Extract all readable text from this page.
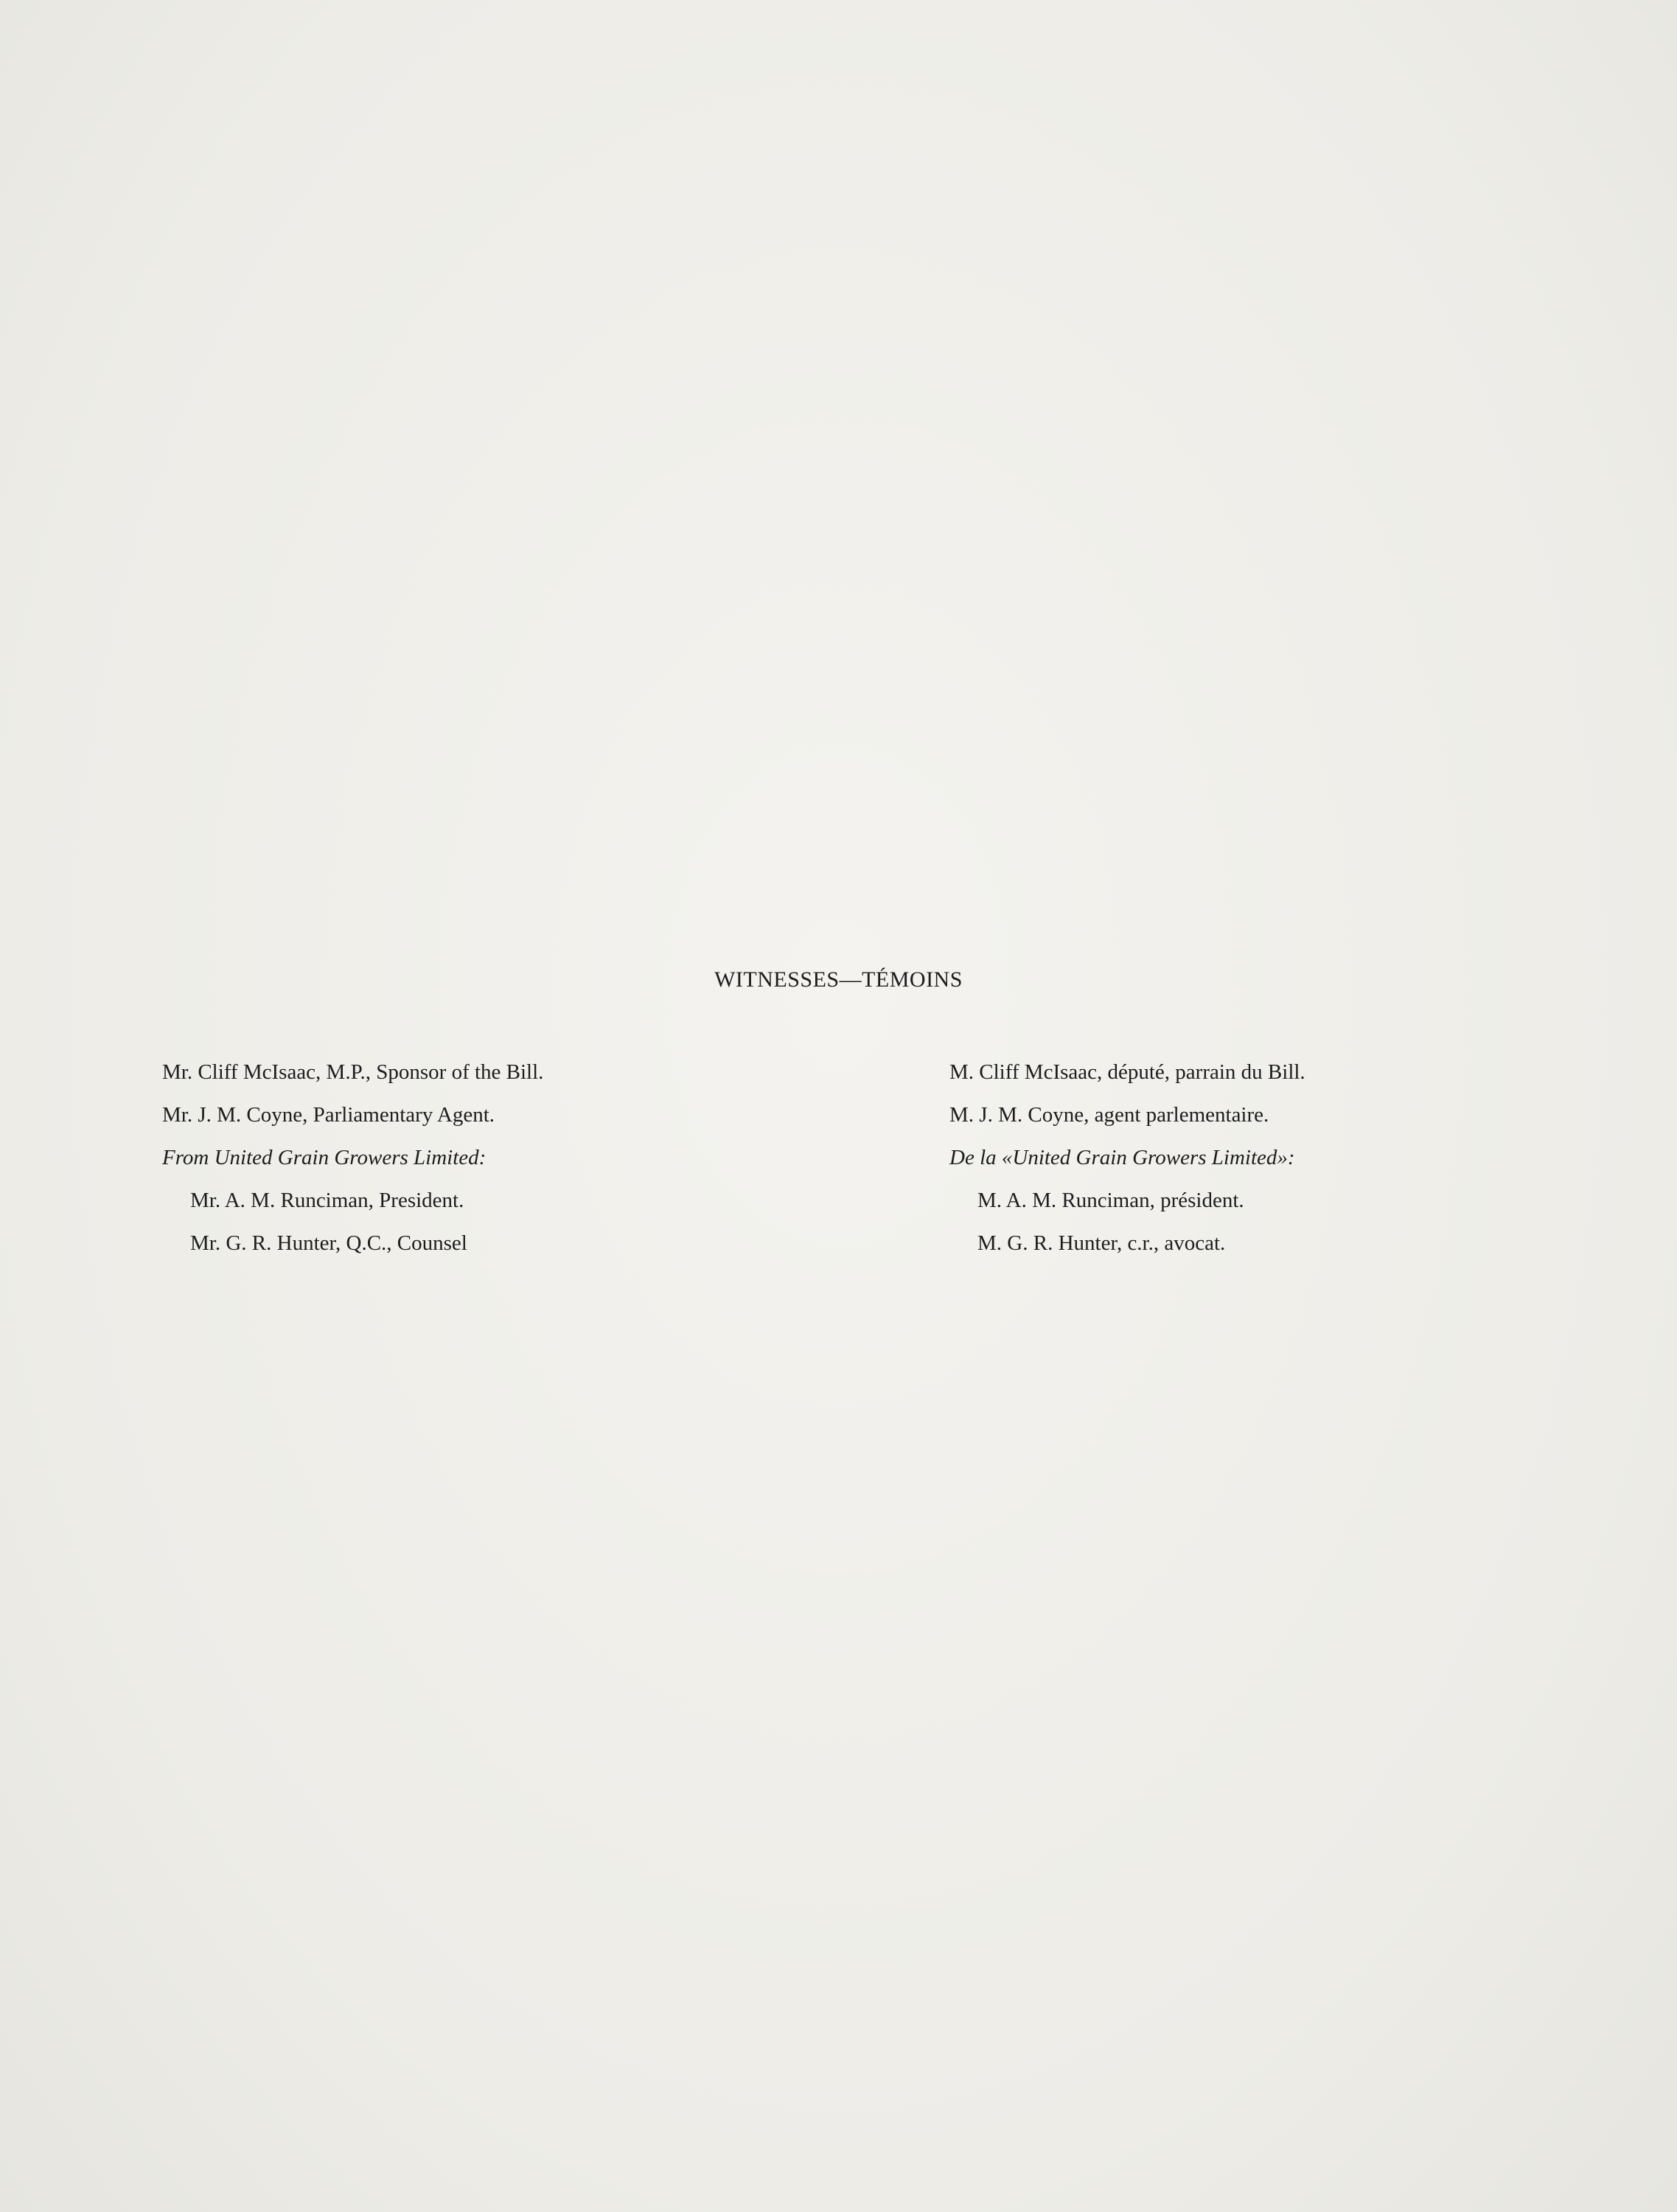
WITNESSES—TÉMOINS
Mr. Cliff McIsaac, M.P., Sponsor of the Bill.
Mr. J. M. Coyne, Parliamentary Agent.
From United Grain Growers Limited:
Mr. A. M. Runciman, President.
Mr. G. R. Hunter, Q.C., Counsel
M. Cliff McIsaac, député, parrain du Bill.
M. J. M. Coyne, agent parlementaire.
De la «United Grain Growers Limited»:
M. A. M. Runciman, président.
M. G. R. Hunter, c.r., avocat.
